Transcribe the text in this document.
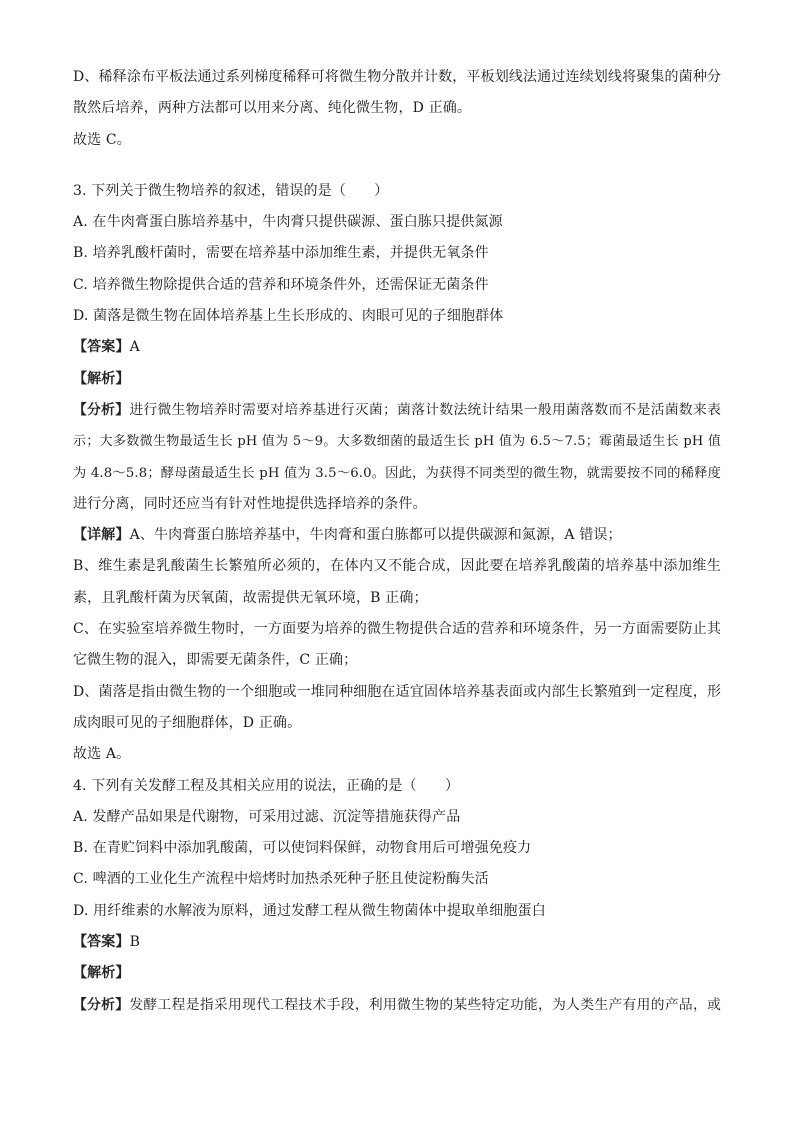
D、稀释涂布平板法通过系列梯度稀释可将微生物分散并计数，平板划线法通过连续划线将聚集的菌种分
散然后培养，两种方法都可以用来分离、纯化微生物，D 正确。
故选 C。
3. 下列关于微生物培养的叙述，错误的是（　　）
A. 在牛肉膏蛋白胨培养基中，牛肉膏只提供碳源、蛋白胨只提供氮源
B. 培养乳酸杆菌时，需要在培养基中添加维生素，并提供无氧条件
C. 培养微生物除提供合适的营养和环境条件外，还需保证无菌条件
D. 菌落是微生物在固体培养基上生长形成的、肉眼可见的子细胞群体
【答案】A
【解析】
【分析】进行微生物培养时需要对培养基进行灭菌；菌落计数法统计结果一般用菌落数而不是活菌数来表
示；大多数微生物最适生长 pH 值为 5～9。大多数细菌的最适生长 pH 值为 6.5～7.5；霉菌最适生长 pH 值
为 4.8～5.8；酵母菌最适生长 pH 值为 3.5～6.0。因此，为获得不同类型的微生物，就需要按不同的稀释度
进行分离，同时还应当有针对性地提供选择培养的条件。
【详解】A、牛肉膏蛋白胨培养基中，牛肉膏和蛋白胨都可以提供碳源和氮源，A 错误；
B、维生素是乳酸菌生长繁殖所必须的，在体内又不能合成，因此要在培养乳酸菌的培养基中添加维生
素，且乳酸杆菌为厌氧菌，故需提供无氧环境，B 正确；
C、在实验室培养微生物时，一方面要为培养的微生物提供合适的营养和环境条件，另一方面需要防止其
它微生物的混入，即需要无菌条件，C 正确；
D、菌落是指由微生物的一个细胞或一堆同种细胞在适宜固体培养基表面或内部生长繁殖到一定程度，形
成肉眼可见的子细胞群体，D 正确。
故选 A。
4. 下列有关发酵工程及其相关应用的说法，正确的是（　　）
A. 发酵产品如果是代谢物，可采用过滤、沉淀等措施获得产品
B. 在青贮饲料中添加乳酸菌，可以使饲料保鲜，动物食用后可增强免疫力
C. 啤酒的工业化生产流程中焙烤时加热杀死种子胚且使淀粉酶失活
D. 用纤维素的水解液为原料，通过发酵工程从微生物菌体中提取单细胞蛋白
【答案】B
【解析】
【分析】发酵工程是指采用现代工程技术手段，利用微生物的某些特定功能，为人类生产有用的产品，或
